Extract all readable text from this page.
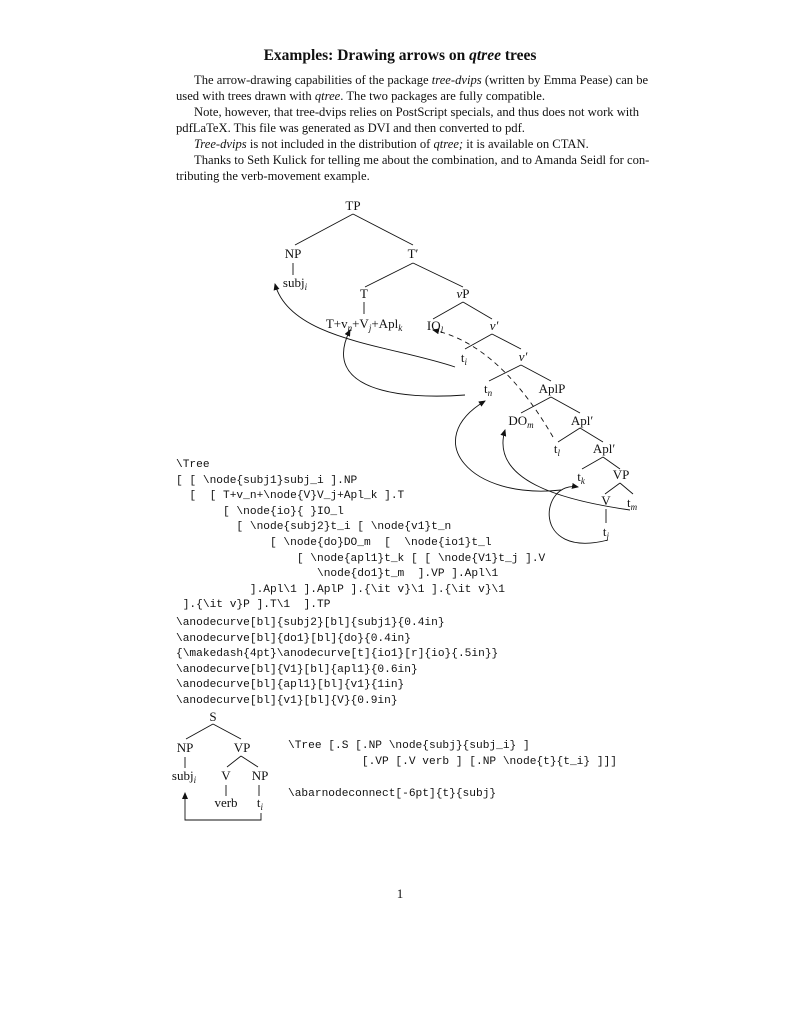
Examples: Drawing arrows on qtree trees
The arrow-drawing capabilities of the package tree-dvips (written by Emma Pease) can be
used with trees drawn with qtree. The two packages are fully compatible.
Note, however, that tree-dvips relies on PostScript specials, and thus does not work with
pdfLaTeX. This file was generated as DVI and then converted to pdf.
Tree-dvips is not included in the distribution of qtree; it is available on CTAN.
Thanks to Seth Kulick for telling me about the combination, and to Amanda Seidl for con-
tributing the verb-movement example.
TP
NP	T′
subj$_i$	T	vP
$T+v_n+V_j+Apl_k$ $IO_l$	v′
$t_i$	v′
$t_n$	AplP
$DO_m$	Apl′
$t_l$	Apl′
$t_k$ VP
V $t_m$
$t_j$
S
NP	VP
subj$_i$ V NP
verb $t_i$
\Tree
[ [ \node{subj1}subj_i ].NP
[  [ T+v_n+\node{V}V_j+Apl_k ].T
[ \node{io}{ }IO_l
[ \node{subj2}t_i [ \node{v1}t_n
[ \node{do}DO_m  [  \node{io1}t_l
[ \node{apl1}t_k [ [ \node{V1}t_j ].V
\node{do1}t_m  ].VP ].Apl\1
].Apl\1 ].AplP ].{\it v}\1 ].{\it v}\1
].{\it v}P ].T\1  ].TP
\anodecurve[bl]{subj2}[bl]{subj1}{0.4in}
\anodecurve[bl]{do1}[bl]{do}{0.4in}
{\makedash{4pt}\anodecurve[t]{io1}[r]{io}{.5in}}
\anodecurve[bl]{V1}[bl]{apl1}{0.6in}
\anodecurve[bl]{apl1}[bl]{v1}{1in}
\anodecurve[bl]{v1}[bl]{V}{0.9in}
\Tree [.S [.NP \node{subj}{subj_i} ]
[.VP [.V verb ] [.NP \node{t}{t_i} ]]]
\abarnodeconnect[-6pt]{t}{subj}
1
